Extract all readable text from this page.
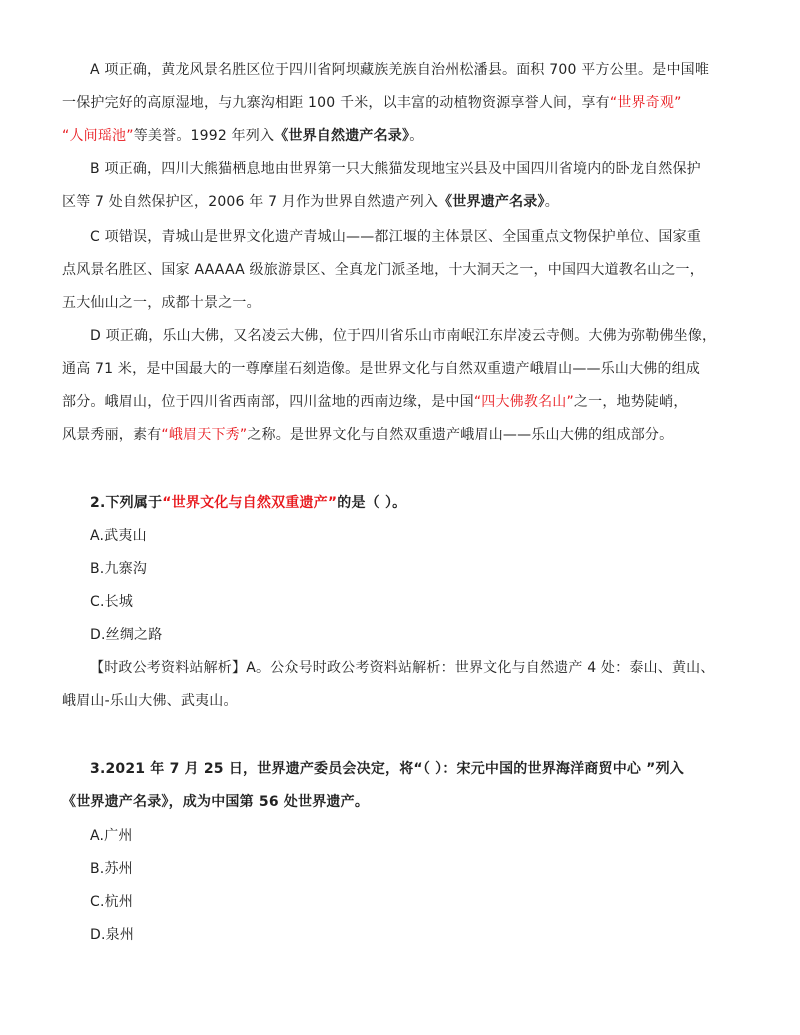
A 项正确，黄龙风景名胜区位于四川省阿坝藏族羌族自治州松潘县。面积 700 平方公里。是中国唯
一保护完好的高原湿地，与九寨沟相距 100 千米，以丰富的动植物资源享誉人间，享有“世界奇观”
“人间瑶池”等美誉。1992 年列入《世界自然遗产名录》。
B 项正确，四川大熊猫栖息地由世界第一只大熊猫发现地宝兴县及中国四川省境内的卧龙自然保护
区等 7 处自然保护区，2006 年 7 月作为世界自然遗产列入《世界遗产名录》。
C 项错误，青城山是世界文化遗产青城山——都江堰的主体景区、全国重点文物保护单位、国家重
点风景名胜区、国家 AAAAA 级旅游景区、全真龙门派圣地，十大洞天之一，中国四大道教名山之一，
五大仙山之一，成都十景之一。
D 项正确，乐山大佛，又名凌云大佛，位于四川省乐山市南岷江东岸凌云寺侧。大佛为弥勒佛坐像，
通高 71 米，是中国最大的一尊摩崖石刻造像。是世界文化与自然双重遗产峨眉山——乐山大佛的组成
部分。峨眉山，位于四川省西南部，四川盆地的西南边缘，是中国“四大佛教名山”之一，地势陡峭，
风景秀丽，素有“峨眉天下秀”之称。是世界文化与自然双重遗产峨眉山——乐山大佛的组成部分。
2.下列属于“世界文化与自然双重遗产”的是（ ）。
A.武夷山
B.九寨沟
C.长城
D.丝绸之路
【时政公考资料站解析】A。公众号时政公考资料站解析：世界文化与自然遗产 4 处：泰山、黄山、
峨眉山-乐山大佛、武夷山。
3.2021 年 7 月 25 日，世界遗产委员会决定，将“（ ）：宋元中国的世界海洋商贸中心 ”列入
《世界遗产名录》，成为中国第 56 处世界遗产。
A.广州
B.苏州
C.杭州
D.泉州
